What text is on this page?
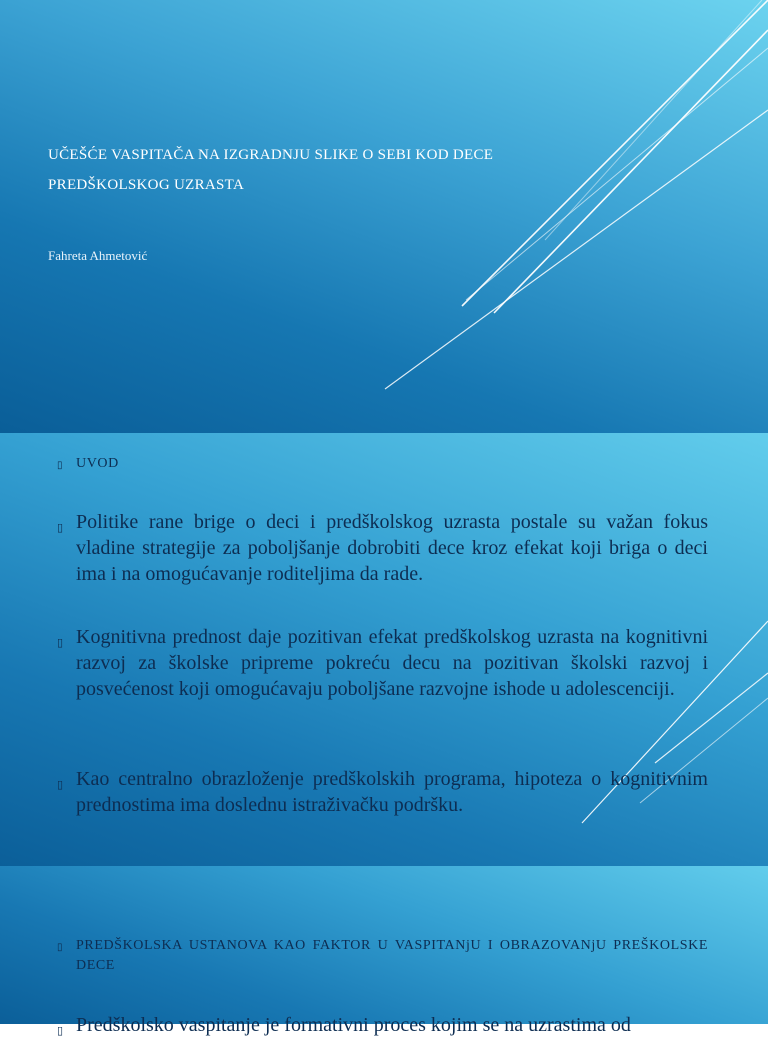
UČEŠĆE VASPITAČA NA IZGRADNJU SLIKE O SEBI KOD DECE PREDŠKOLSKOG UZRASTA
Fahreta Ahmetović
▯ UVOD
▯ Politike rane brige o deci i predškolskog uzrasta postale su važan fokus vladine strategije za poboljšanje dobrobiti dece kroz efekat koji briga o deci ima i na omogućavanje roditeljima da rade.
▯ Kognitivna prednost daje pozitivan efekat predškolskog uzrasta na kognitivni razvoj za školske pripreme pokreću decu na pozitivan školski razvoj i posvećenost koji omogućavaju poboljšane razvojne ishode u adolescenciji.
▯ Kao centralno obrazloženje predškolskih programa, hipoteza o kognitivnim prednostima ima doslednu istraživačku podršku.
▯ PREDŠKOLSKA USTANOVA KAO FAKTOR U VASPITANjU I OBRAZOVANjU PREŠKOLSKE DECE
▯ Predškolsko vaspitanje je formativni proces kojim se na uzrastima od
